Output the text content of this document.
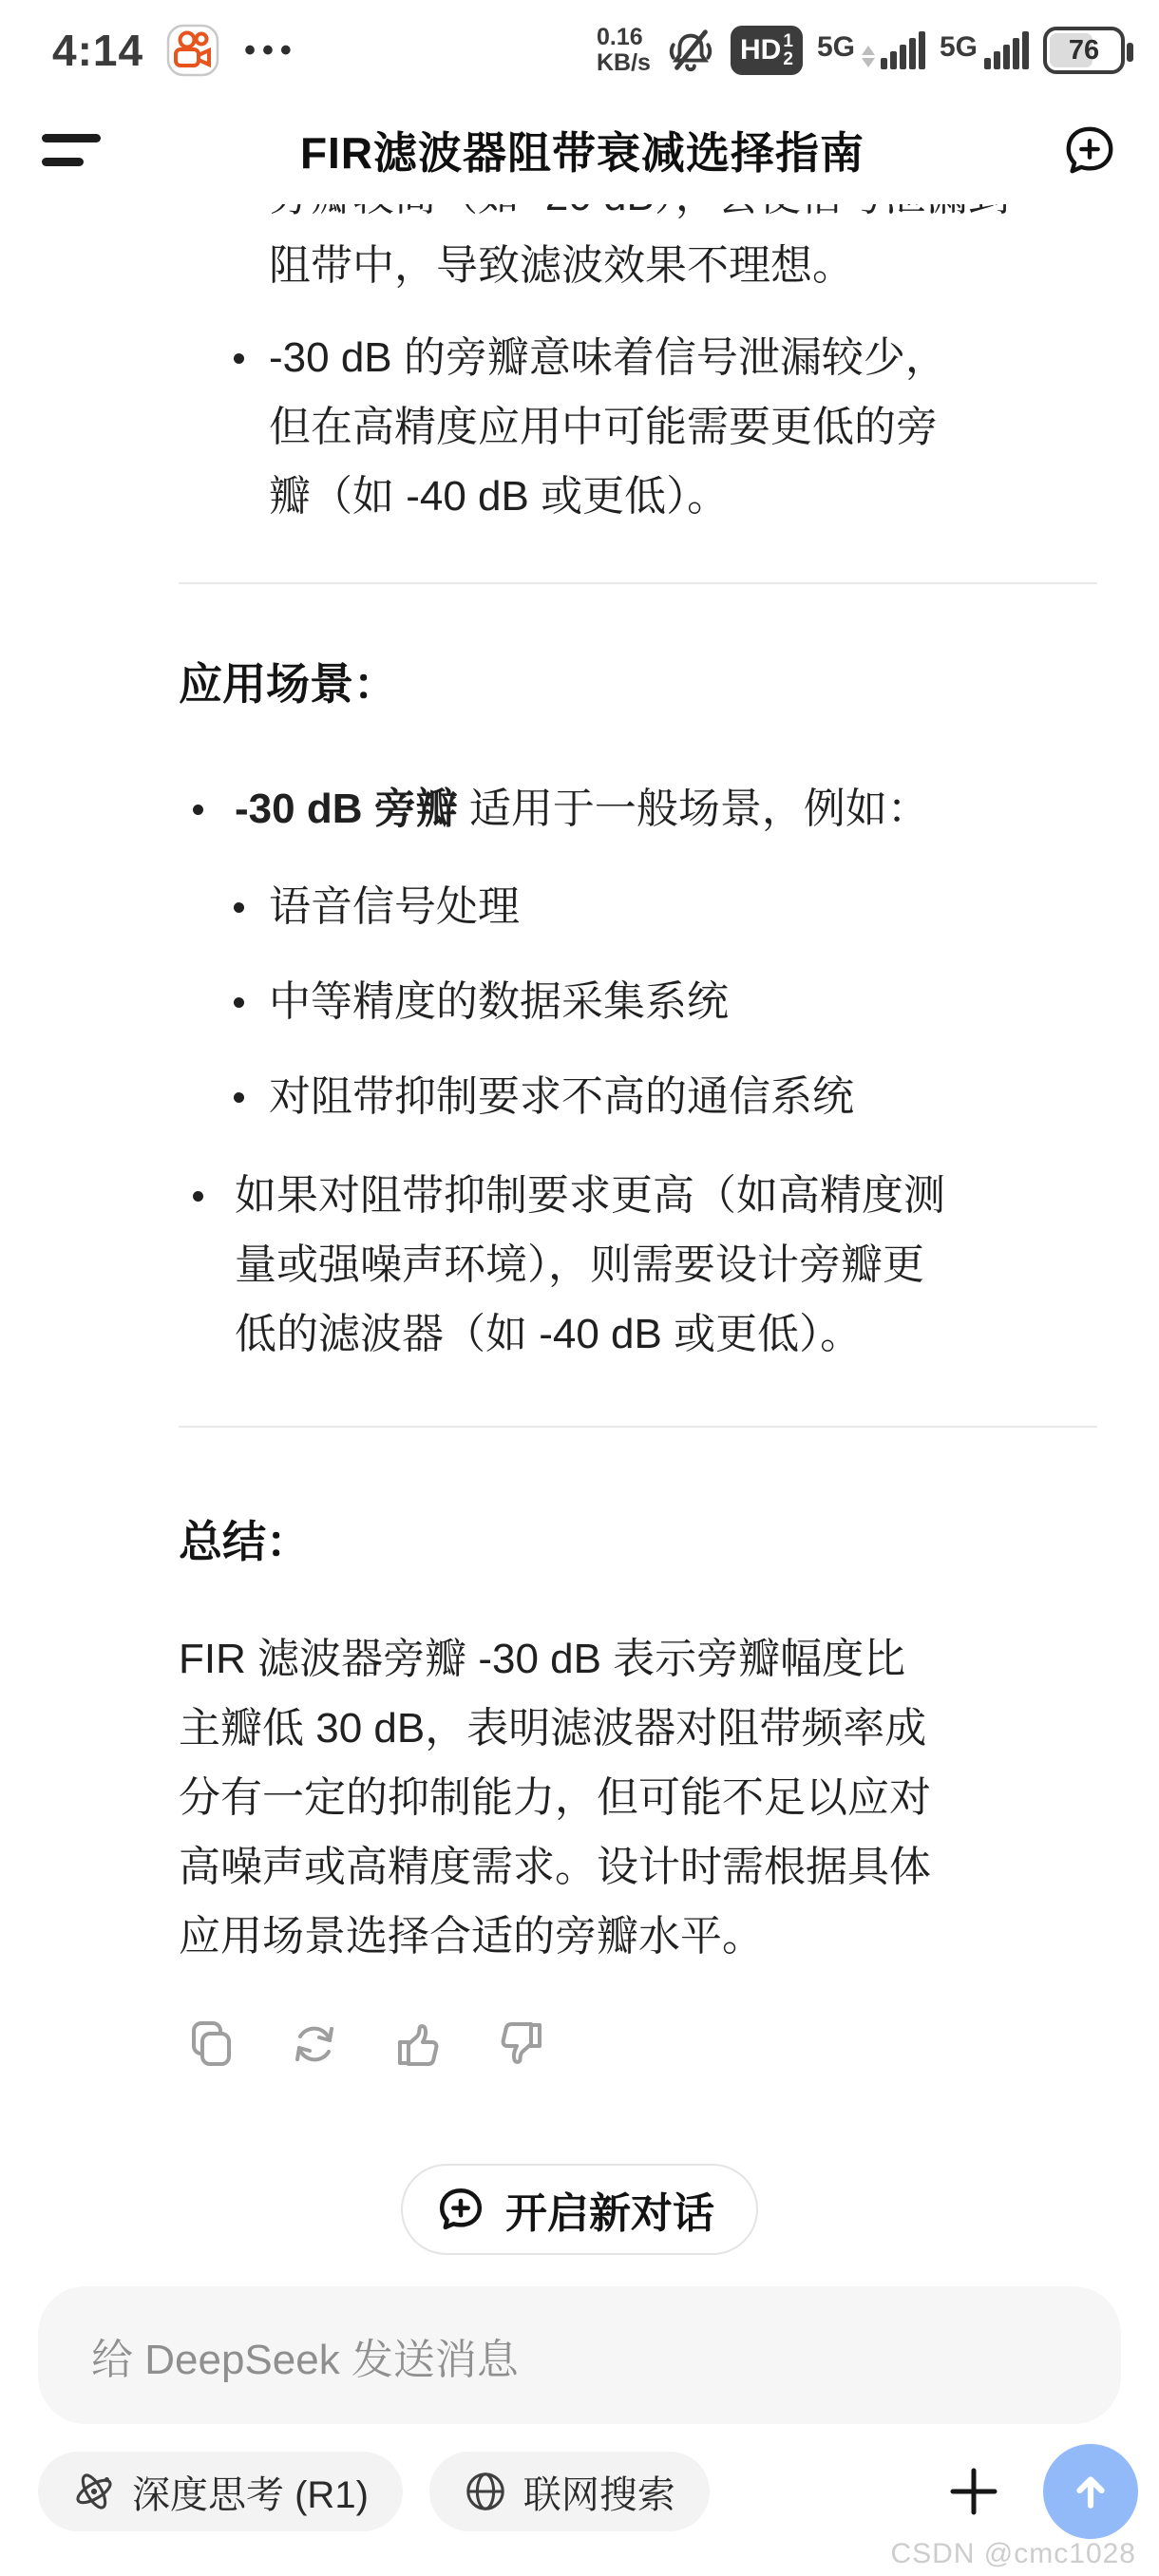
4:14	•••	0.16
KB/s	HD 1
2 5G	5G	76
FIR滤波器阻带衰减选择指南
阻带中，导致滤波效果不理想。
-30 dB 的旁瓣意味着信号泄漏较少，
但在高精度应用中可能需要更低的旁
瓣（如 -40 dB 或更低）。
应用场景：
-30 dB 旁瓣 适用于一般场景，例如：
语音信号处理
中等精度的数据采集系统
对阻带抑制要求不高的通信系统
如果对阻带抑制要求更高（如高精度测
量或强噪声环境），则需要设计旁瓣更
低的滤波器（如 -40 dB 或更低）。
总结：
FIR 滤波器旁瓣 -30 dB 表示旁瓣幅度比
主瓣低 30 dB，表明滤波器对阻带频率成
分有一定的抑制能力，但可能不足以应对
高噪声或高精度需求。设计时需根据具体
应用场景选择合适的旁瓣水平。
开启新对话
给 DeepSeek 发送消息
深度思考 (R1)	联网搜索
CSDN @cmc1028
